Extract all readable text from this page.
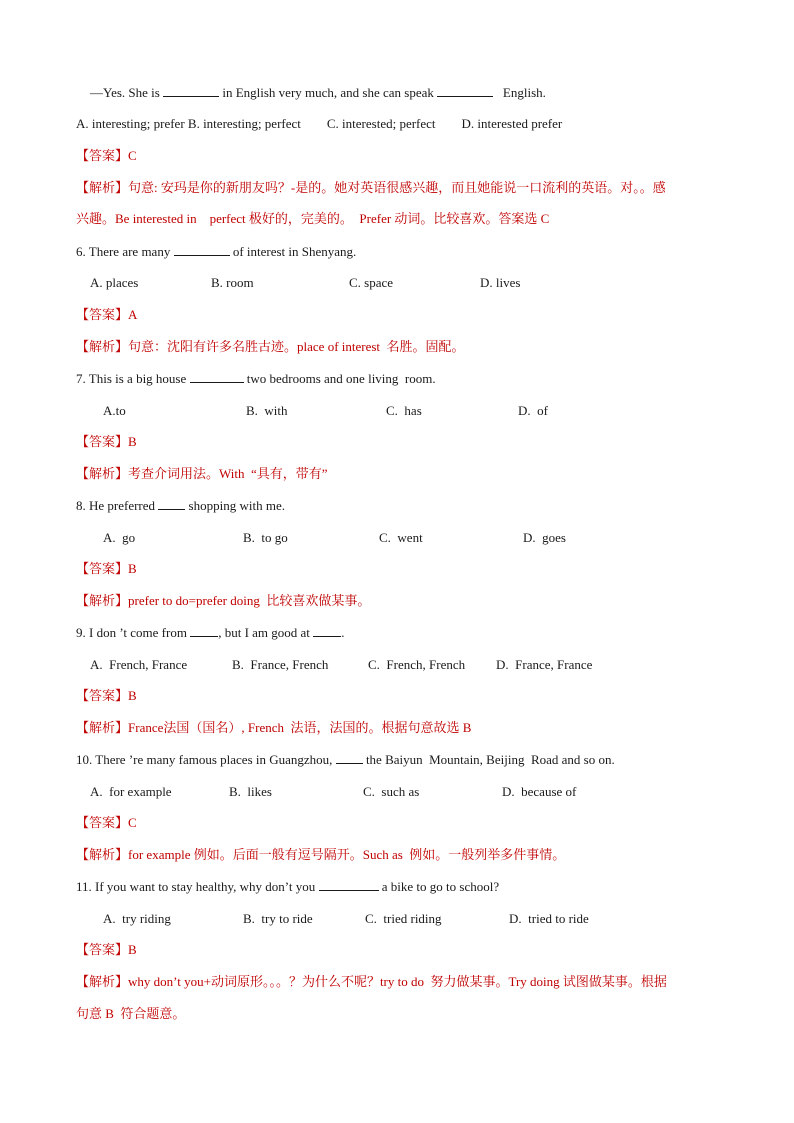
—Yes. She is	in English very much, and she can speak	English.
A. interesting; prefer B. interesting; perfect        C. interested; perfect        D. interested prefer
【答案】C
【解析】句意: 安玛是你的新朋友吗？-是的。她对英语很感兴趣，而且她能说一口流利的英语。对。。感
兴趣。Be interested in    perfect 极好的，完美的。  Prefer 动词。比较喜欢。答案选 C
6. There are many	of interest in Shenyang.
A. places	B. room	C. space	D. lives
【答案】A
【解析】句意：沈阳有许多名胜古迹。place of interest  名胜。固配。
7. This is a big house	two bedrooms and one living  room.
A.to	B.  with	C.  has	D.  of
【答案】B
【解析】考查介词用法。With  “具有，带有”
8. He preferred  shopping with me.
A.  go	B.  to go	C.  went	D.  goes
【答案】B
【解析】prefer to do=prefer doing  比较喜欢做某事。
9. I don ’t come from , but I am good at .
A.  French, France	B.  France, French	C.  French, French D.  France, France
【答案】B
【解析】France法国（国名）, French  法语，法国的。根据句意故选 B
10. There ’re many famous places in Guangzhou,  the Baiyun  Mountain, Beijing  Road and so on.
A.  for example	B.  likes	C.  such as	D.  because of
【答案】C
【解析】for example 例如。后面一般有逗号隔开。Such as  例如。一般列举多件事情。
11. If you want to stay healthy, why don’t you	a bike to go to school?
A.  try riding	B.  try to ride	C.  tried riding	D.  tried to ride
【答案】B
【解析】why don’t you+动词原形。。。？为什么不呢？try to do  努力做某事。Try doing 试图做某事。根据
句意 B  符合题意。
